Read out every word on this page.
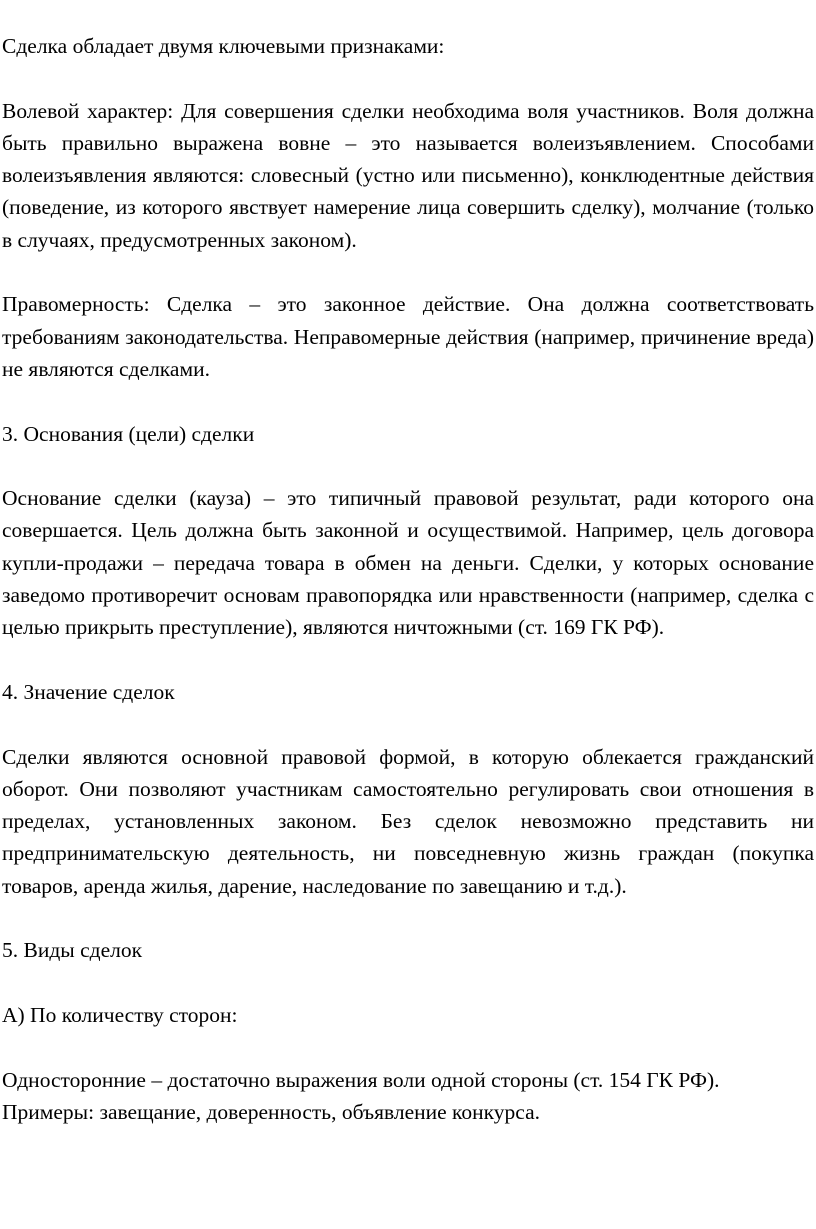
Сделка обладает двумя ключевыми признаками:

Волевой характер: Для совершения сделки необходима воля участников. Воля должна быть правильно выражена вовне – это называется волеизъявлением. Способами волеизъявления являются: словесный (устно или письменно), конклюдентные действия (поведение, из которого явствует намерение лица совершить сделку), молчание (только в случаях, предусмотренных законом).

Правомерность: Сделка – это законное действие. Она должна соответствовать требованиям законодательства. Неправомерные действия (например, причинение вреда) не являются сделками.

3. Основания (цели) сделки

Основание сделки (кауза) – это типичный правовой результат, ради которого она совершается. Цель должна быть законной и осуществимой. Например, цель договора купли-продажи – передача товара в обмен на деньги. Сделки, у которых основание заведомо противоречит основам правопорядка или нравственности (например, сделка с целью прикрыть преступление), являются ничтожными (ст. 169 ГК РФ).

4. Значение сделок

Сделки являются основной правовой формой, в которую облекается гражданский оборот. Они позволяют участникам самостоятельно регулировать свои отношения в пределах, установленных законом. Без сделок невозможно представить ни предпринимательскую деятельность, ни повседневную жизнь граждан (покупка товаров, аренда жилья, дарение, наследование по завещанию и т.д.).

5. Виды сделок

А) По количеству сторон:

Односторонние – достаточно выражения воли одной стороны (ст. 154 ГК РФ). Примеры: завещание, доверенность, объявление конкурса.
